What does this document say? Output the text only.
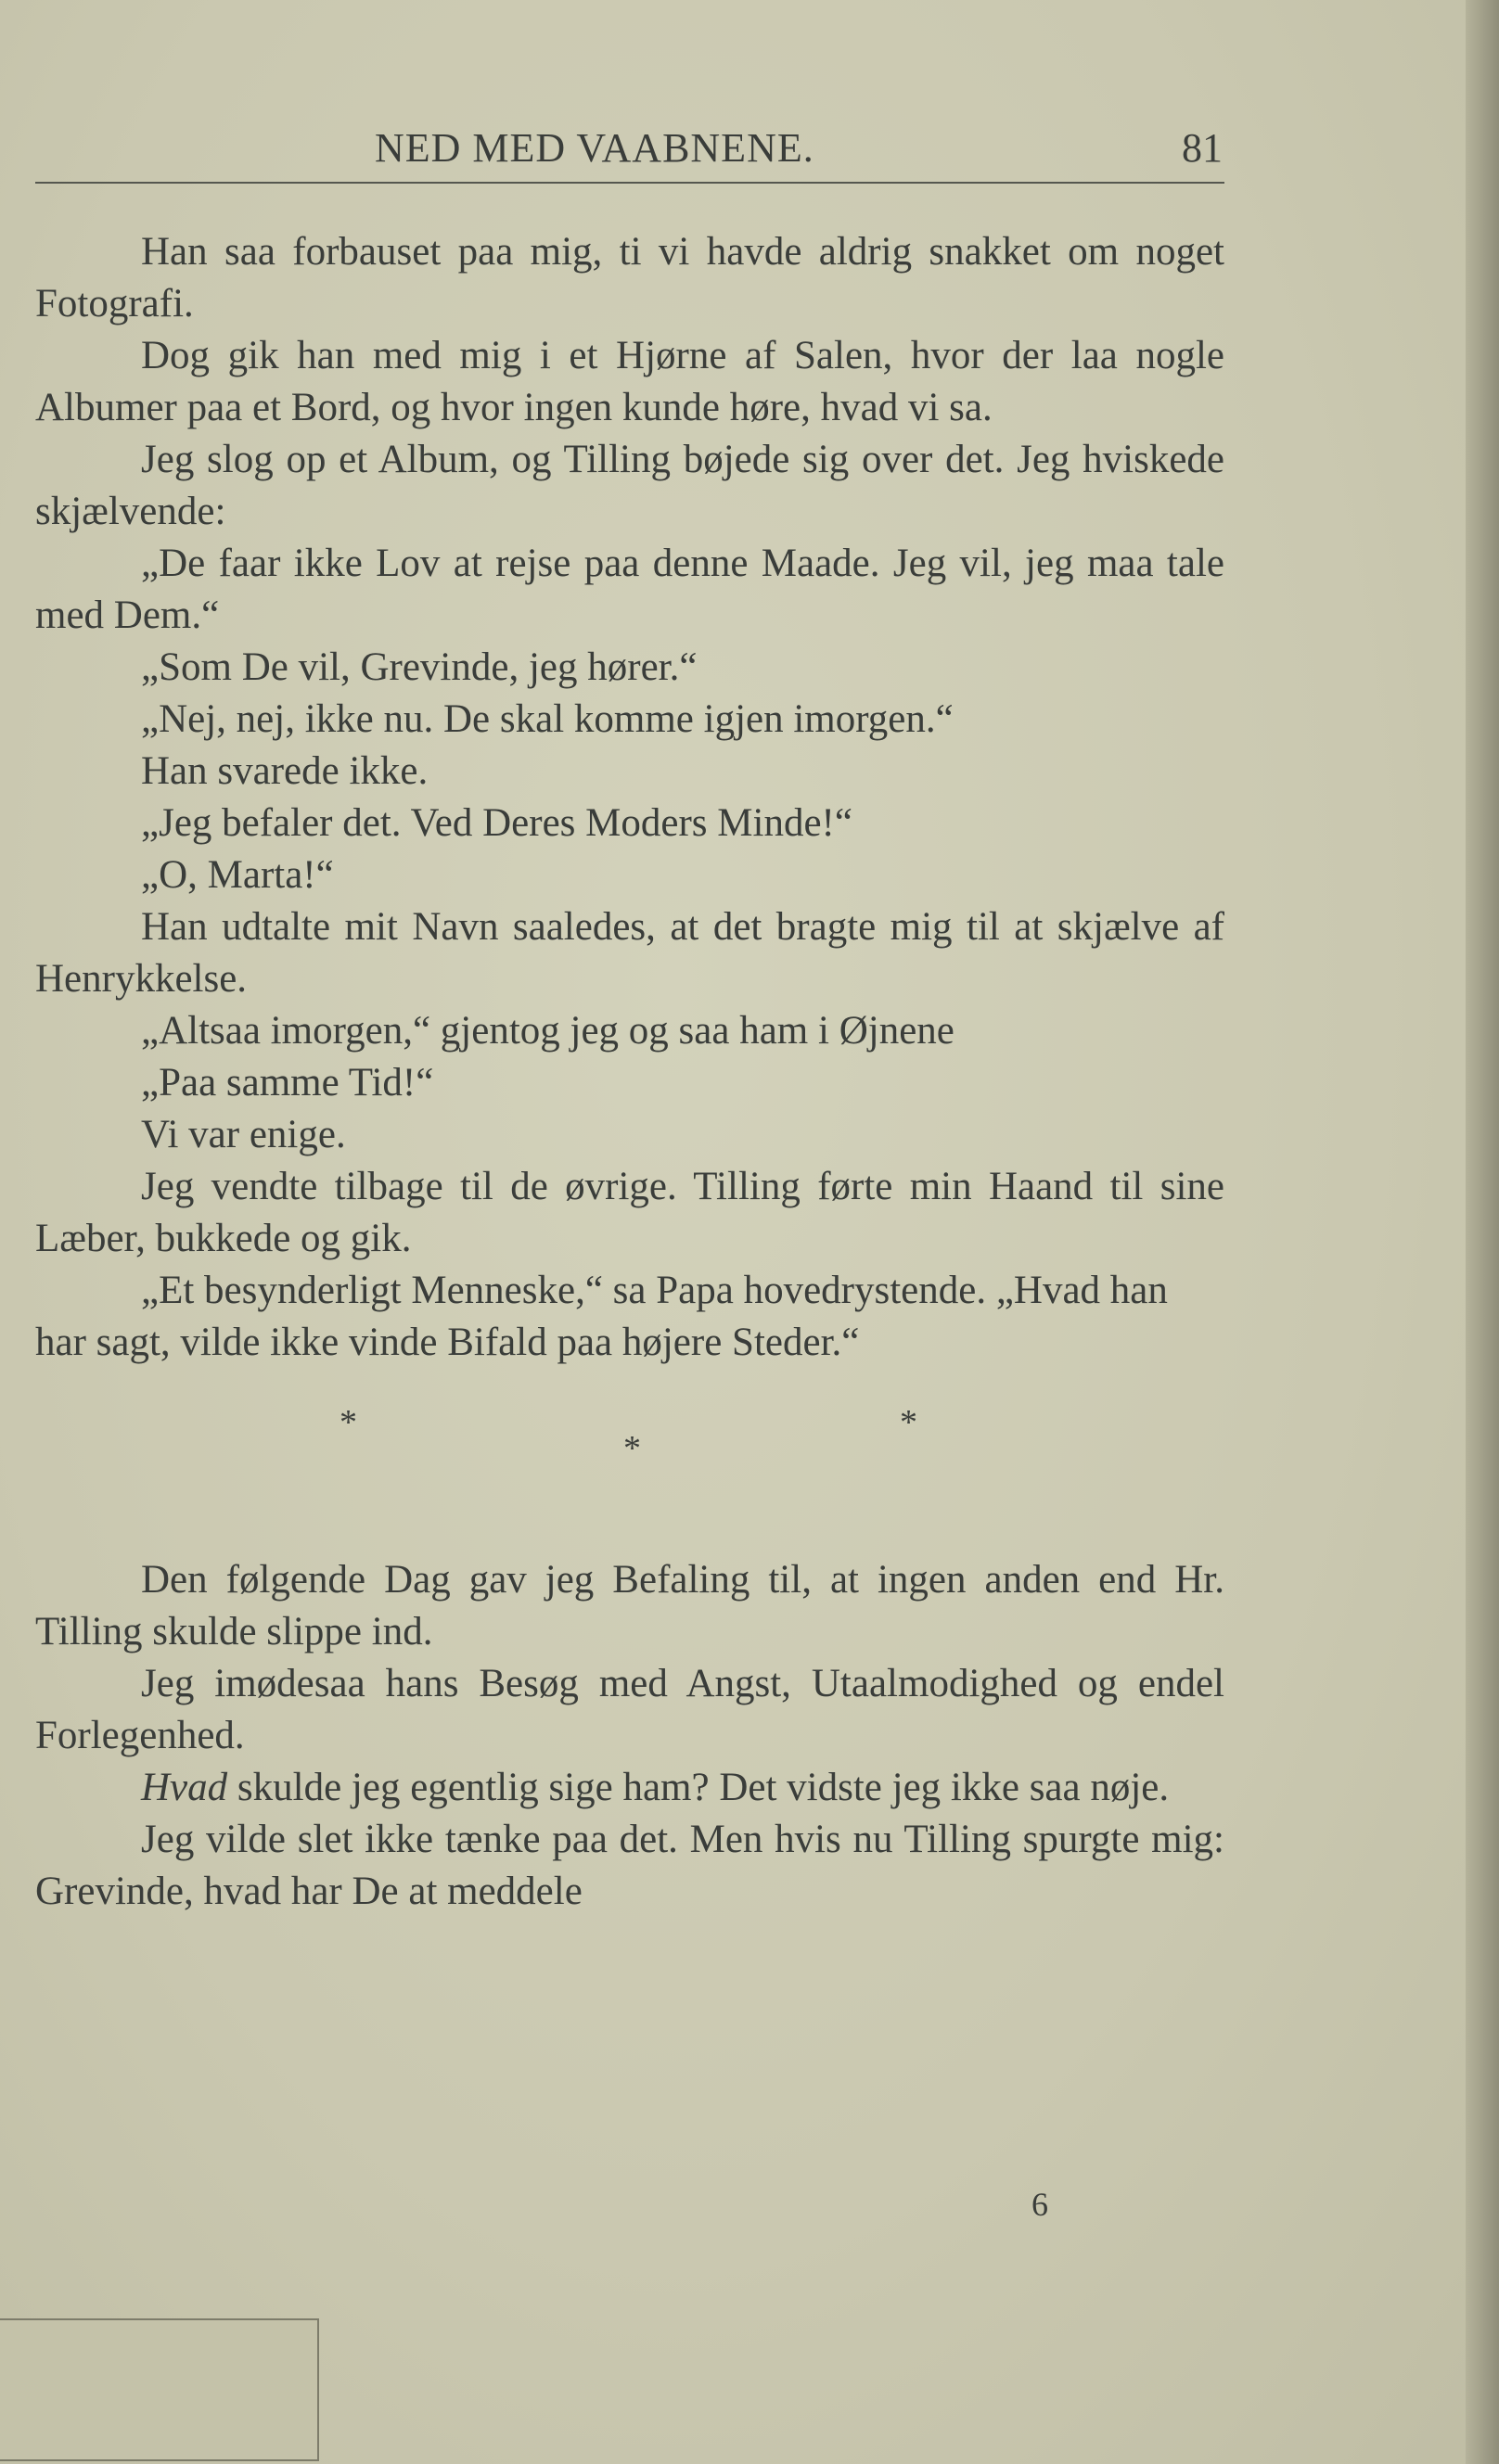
NED MED VAABNENE.	81

Han saa forbauset paa mig, ti vi havde aldrig snakket om noget Fotografi.

Dog gik han med mig i et Hjørne af Salen, hvor der laa nogle Albumer paa et Bord, og hvor ingen kunde høre, hvad vi sa.

Jeg slog op et Album, og Tilling bøjede sig over det. Jeg hviskede skjælvende:

„De faar ikke Lov at rejse paa denne Maade. Jeg vil, jeg maa tale med Dem.“

„Som De vil, Grevinde, jeg hører.“

„Nej, nej, ikke nu. De skal komme igjen imorgen.“

Han svarede ikke.

„Jeg befaler det. Ved Deres Moders Minde!“

„O, Marta!“

Han udtalte mit Navn saaledes, at det bragte mig til at skjælve af Henrykkelse.

„Altsaa imorgen,“ gjentog jeg og saa ham i Øjnene

„Paa samme Tid!“

Vi var enige.

Jeg vendte tilbage til de øvrige. Tilling førte min Haand til sine Læber, bukkede og gik.

„Et besynderligt Menneske,“ sa Papa hovedrystende. „Hvad han har sagt, vilde ikke vinde Bifald paa højere Steder.“

*
*
*

Den følgende Dag gav jeg Befaling til, at ingen anden end Hr. Tilling skulde slippe ind.

Jeg imødesaa hans Besøg med Angst, Utaalmodighed og endel Forlegenhed.

Hvad skulde jeg egentlig sige ham? Det vidste jeg ikke saa nøje.

Jeg vilde slet ikke tænke paa det. Men hvis nu Tilling spurgte mig: Grevinde, hvad har De at meddele

6
